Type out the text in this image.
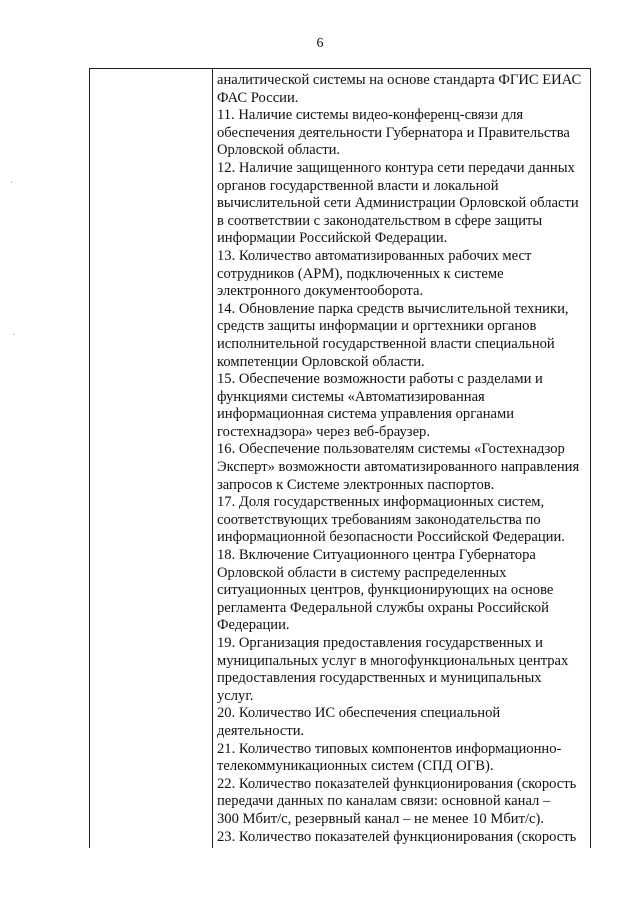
6
аналитической системы на основе стандарта ФГИС ЕИАС
ФАС России.
11. Наличие системы видео-конференц-связи для
обеспечения деятельности Губернатора и Правительства
Орловской области.
12. Наличие защищенного контура сети передачи данных
органов государственной власти и локальной
вычислительной сети Администрации Орловской области
в соответствии с законодательством в сфере защиты
информации Российской Федерации.
13. Количество автоматизированных рабочих мест
сотрудников (АРМ), подключенных к системе
электронного документооборота.
14. Обновление парка средств вычислительной техники,
средств защиты информации и оргтехники органов
исполнительной государственной власти специальной
компетенции Орловской области.
15. Обеспечение возможности работы с разделами и
функциями системы «Автоматизированная
информационная система управления органами
гостехнадзора» через веб-браузер.
16. Обеспечение пользователям системы «Гостехнадзор
Эксперт» возможности автоматизированного направления
запросов к Системе электронных паспортов.
17. Доля государственных информационных систем,
соответствующих требованиям законодательства по
информационной безопасности Российской Федерации.
18. Включение Ситуационного центра Губернатора
Орловской области в систему распределенных
ситуационных центров, функционирующих на основе
регламента Федеральной службы охраны Российской
Федерации.
19. Организация предоставления государственных и
муниципальных услуг в многофункциональных центрах
предоставления государственных и муниципальных
услуг.
20. Количество ИС обеспечения специальной
деятельности.
21. Количество типовых компонентов информационно-
телекоммуникационных систем (СПД ОГВ).
22. Количество показателей функционирования (скорость
передачи данных по каналам связи: основной канал –
300 Мбит/с, резервный канал – не менее 10 Мбит/с).
23. Количество показателей функционирования (скорость
·
·
